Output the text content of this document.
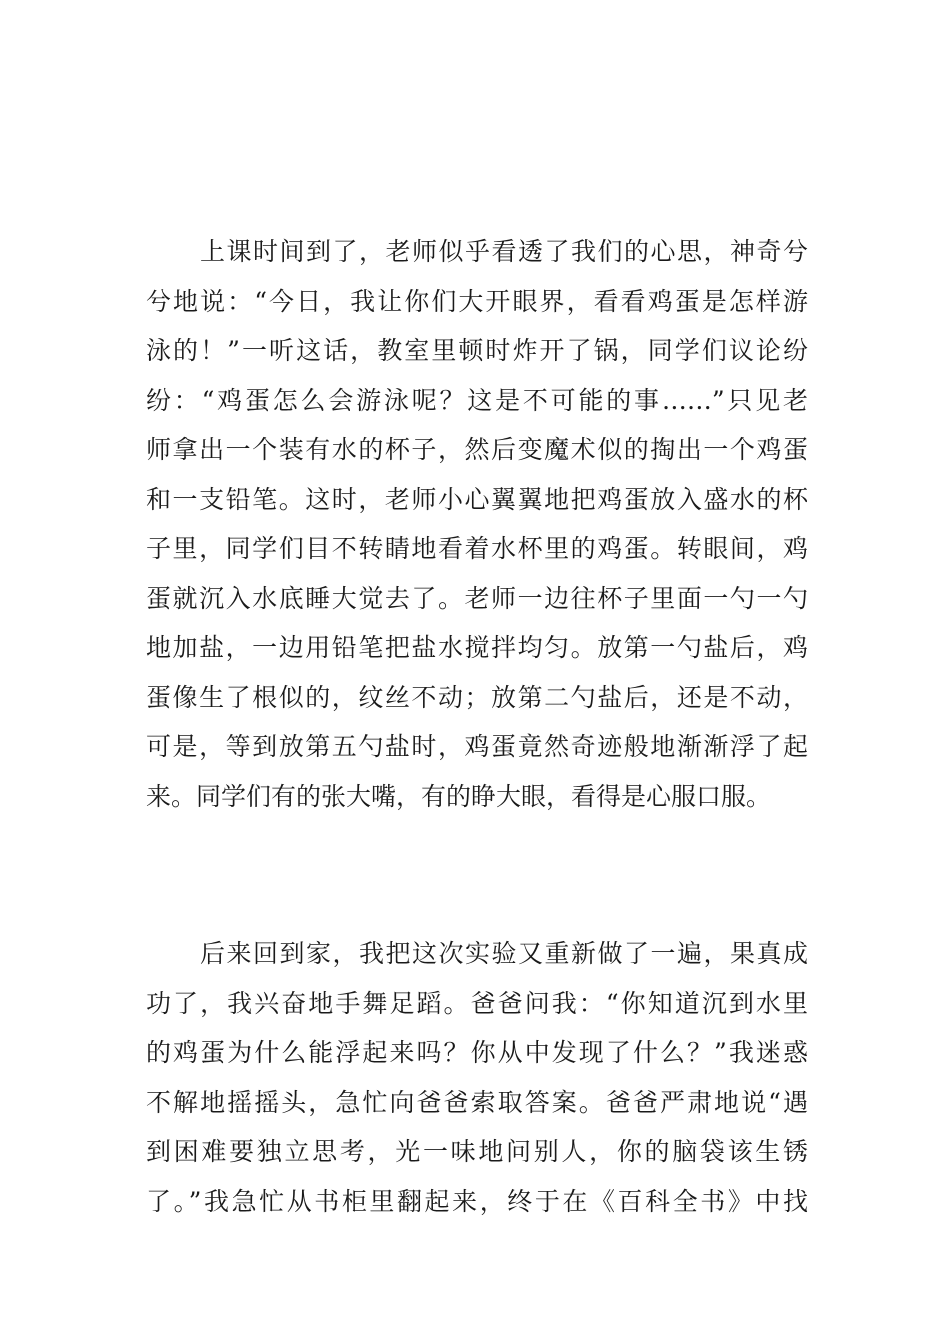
上课时间到了，老师似乎看透了我们的心思，神奇兮
兮地说：“今日，我让你们大开眼界，看看鸡蛋是怎样游
泳的！”一听这话，教室里顿时炸开了锅，同学们议论纷
纷：“鸡蛋怎么会游泳呢？这是不可能的事……”只见老
师拿出一个装有水的杯子，然后变魔术似的掏出一个鸡蛋
和一支铅笔。这时，老师小心翼翼地把鸡蛋放入盛水的杯
子里，同学们目不转睛地看着水杯里的鸡蛋。转眼间，鸡
蛋就沉入水底睡大觉去了。老师一边往杯子里面一勺一勺
地加盐，一边用铅笔把盐水搅拌均匀。放第一勺盐后，鸡
蛋像生了根似的，纹丝不动；放第二勺盐后，还是不动，
可是，等到放第五勺盐时，鸡蛋竟然奇迹般地渐渐浮了起
来。同学们有的张大嘴，有的睁大眼，看得是心服口服。
后来回到家，我把这次实验又重新做了一遍，果真成
功了，我兴奋地手舞足蹈。爸爸问我：“你知道沉到水里
的鸡蛋为什么能浮起来吗？你从中发现了什么？”我迷惑
不解地摇摇头，急忙向爸爸索取答案。爸爸严肃地说“遇
到困难要独立思考，光一味地问别人，你的脑袋该生锈
了。”我急忙从书柜里翻起来，终于在《百科全书》中找
